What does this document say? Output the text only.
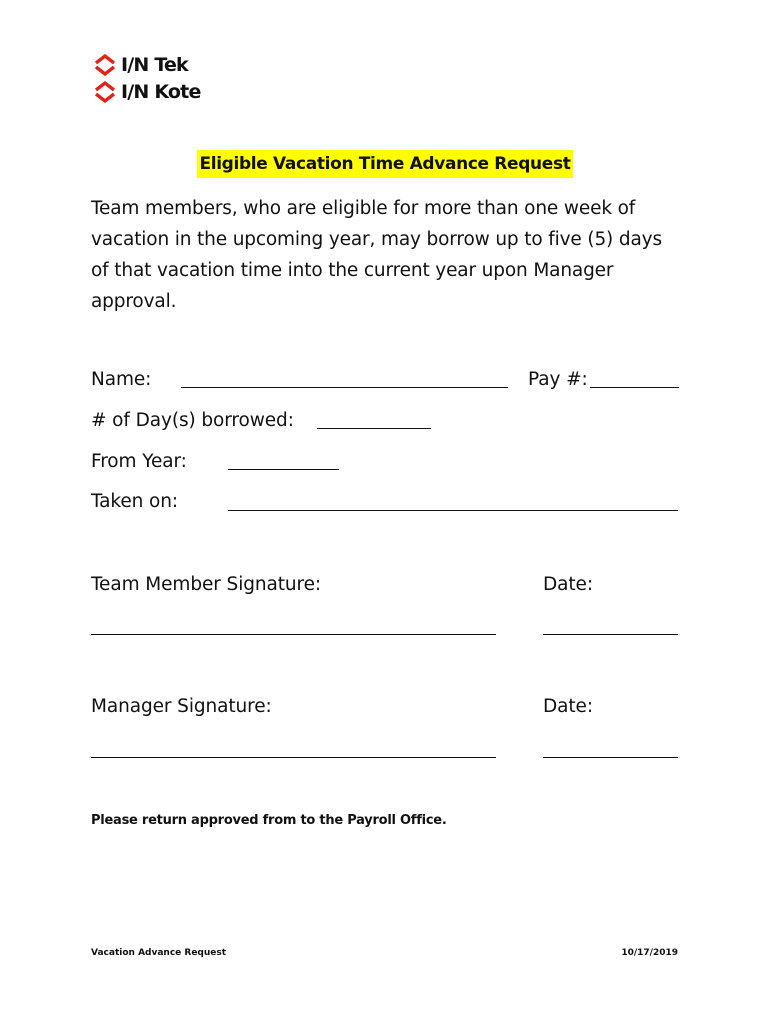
I/N Tek
I/N Kote
Eligible Vacation Time Advance Request
Team members, who are eligible for more than one week of
vacation in the upcoming year, may borrow up to five (5) days
of that vacation time into the current year upon Manager
approval.
Name:	Pay #:
# of Day(s) borrowed:
From Year:
Taken on:
Team Member Signature:	Date:
Manager Signature:	Date:
Please return approved from to the Payroll Office.
Vacation Advance Request	10/17/2019
